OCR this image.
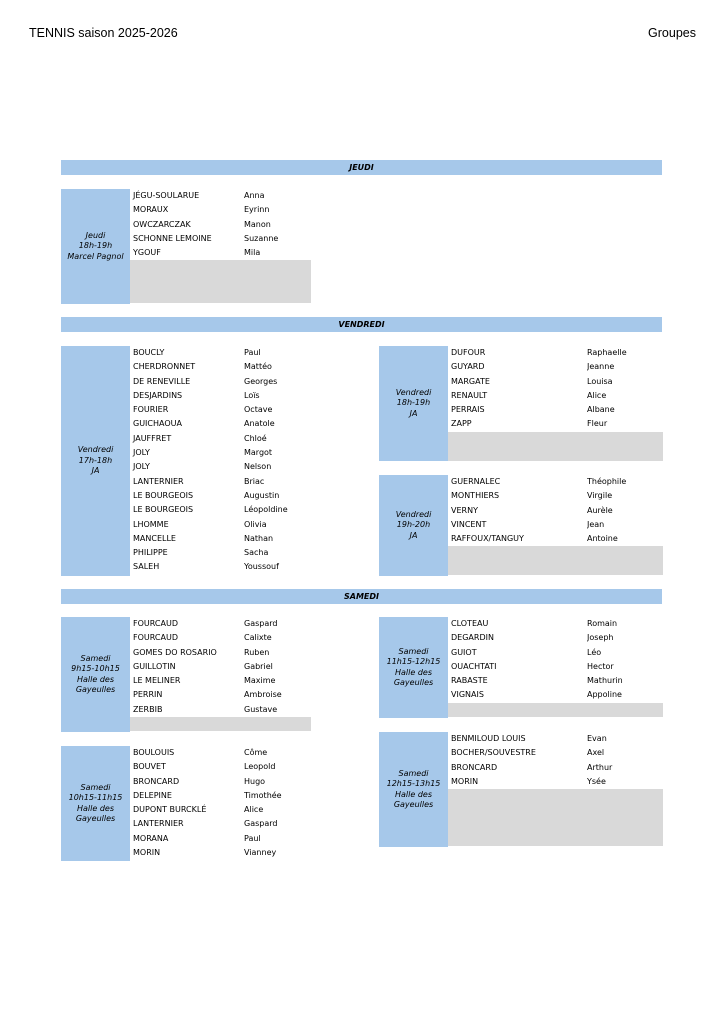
TENNIS saison 2025-2026	Groupes
JEUDI
VENDREDI
SAMEDI
Jeudi
18h-19h
Marcel Pagnol
JÉGU-SOULARUE	Anna
MORAUX	Eyrinn
OWCZARCZAK	Manon
SCHONNE LEMOINE	Suzanne
YGOUF	Mila
Vendredi
17h-18h
JA
BOUCLY	Paul
CHERDRONNET	Mattéo
DE RENEVILLE	Georges
DESJARDINS	Loïs
FOURIER	Octave
GUICHAOUA	Anatole
JAUFFRET	Chloé
JOLY	Margot
JOLY	Nelson
LANTERNIER	Briac
LE BOURGEOIS	Augustin
LE BOURGEOIS	Léopoldine
LHOMME	Olivia
MANCELLE	Nathan
PHILIPPE	Sacha
SALEH	Youssouf
Vendredi
18h-19h
JA
DUFOUR	Raphaelle
GUYARD	Jeanne
MARGATE	Louisa
RENAULT	Alice
PERRAIS	Albane
ZAPP	Fleur
Vendredi
19h-20h
JA
GUERNALEC	Théophile
MONTHIERS	Virgile
VERNY	Aurèle
VINCENT	Jean
RAFFOUX/TANGUY	Antoine
Samedi
9h15-10h15
Halle des
Gayeulles
FOURCAUD	Gaspard
FOURCAUD	Calixte
GOMES DO ROSARIO	Ruben
GUILLOTIN	Gabriel
LE MELINER	Maxime
PERRIN	Ambroise
ZERBIB	Gustave
Samedi
11h15-12h15
Halle des
Gayeulles
CLOTEAU	Romain
DEGARDIN	Joseph
GUIOT	Léo
OUACHTATI	Hector
RABASTE	Mathurin
VIGNAIS	Appoline
Samedi
10h15-11h15
Halle des
Gayeulles
BOULOUIS	Côme
BOUVET	Leopold
BRONCARD	Hugo
DELEPINE	Timothée
DUPONT BURCKLÉ	Alice
LANTERNIER	Gaspard
MORANA	Paul
MORIN	Vianney
Samedi
12h15-13h15
Halle des
Gayeulles
BENMILOUD LOUIS	Evan
BOCHER/SOUVESTRE	Axel
BRONCARD	Arthur
MORIN	Ysée
